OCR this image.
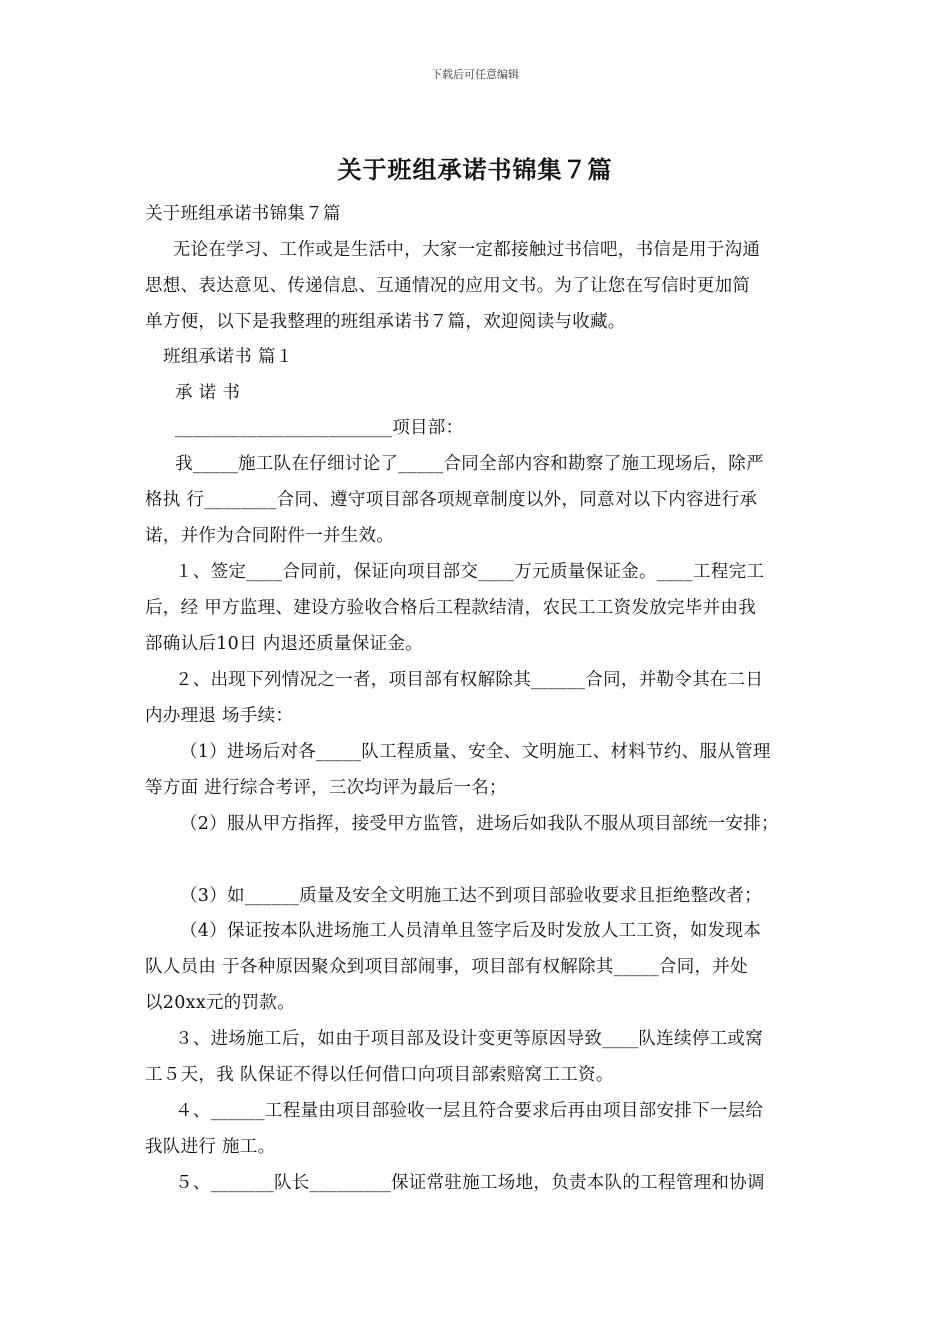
下载后可任意编辑
关于班组承诺书锦集７篇
关于班组承诺书锦集７篇
　无论在学习、工作或是生活中，大家一定都接触过书信吧，书信是用于沟通
思想、表达意见、传递信息、互通情况的应用文书。为了让您在写信时更加简
单方便，以下是我整理的班组承诺书７篇，欢迎阅读与收藏。
班组承诺书 篇１
承 诺 书
________________________项目部：
我_____施工队在仔细讨论了_____合同全部内容和勘察了施工现场后，除严
格执 行________合同、遵守项目部各项规章制度以外，同意对以下内容进行承
诺，并作为合同附件一并生效。
１、签定____合同前，保证向项目部交____万元质量保证金。____工程完工
后，经 甲方监理、建设方验收合格后工程款结清，农民工工资发放完毕并由我
部确认后10日 内退还质量保证金。
２、出现下列情况之一者，项目部有权解除其______合同，并勒令其在二日
内办理退 场手续：
（1）进场后对各_____队工程质量、安全、文明施工、材料节约、服从管理
等方面 进行综合考评，三次均评为最后一名；
（2）服从甲方指挥，接受甲方监管，进场后如我队不服从项目部统一安排；
（3）如______质量及安全文明施工达不到项目部验收要求且拒绝整改者；
（4）保证按本队进场施工人员清单且签字后及时发放人工工资，如发现本
队人员由 于各种原因聚众到项目部闹事，项目部有权解除其_____合同，并处
以20xx元的罚款。
３、进场施工后，如由于项目部及设计变更等原因导致____队连续停工或窝
工５天，我 队保证不得以任何借口向项目部索赔窝工工资。
４、______工程量由项目部验收一层且符合要求后再由项目部安排下一层给
我队进行 施工。
５、_______队长_________保证常驻施工场地，负责本队的工程管理和协调
